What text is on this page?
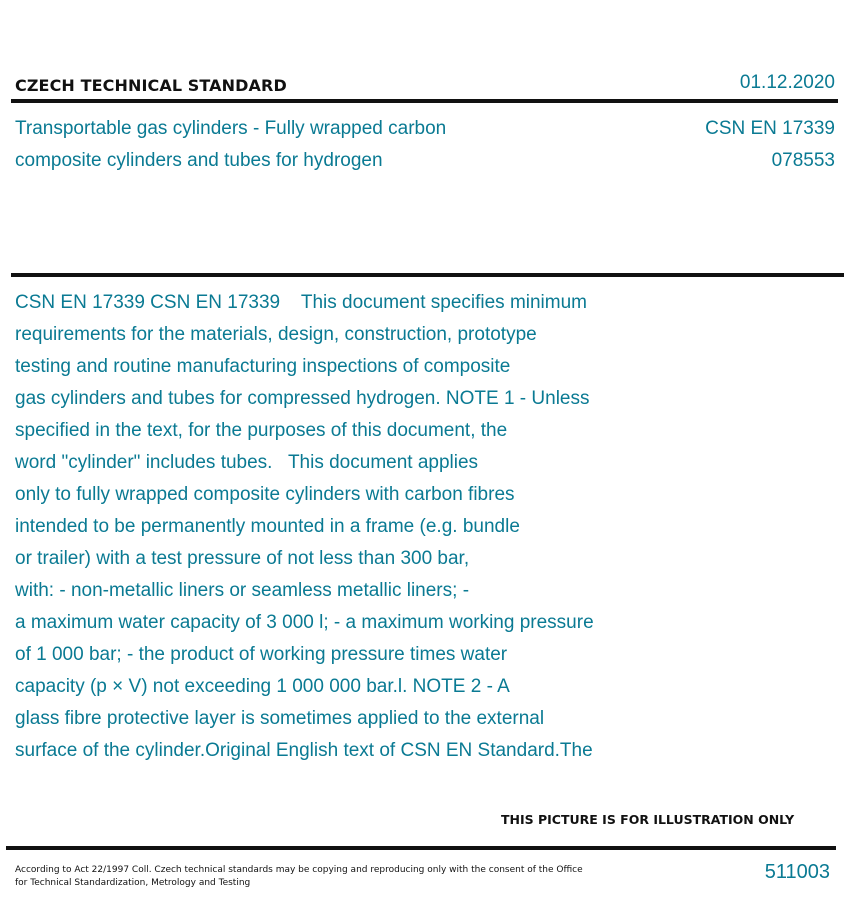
CZECH TECHNICAL STANDARD	01.12.2020
Transportable gas cylinders - Fully wrapped carbon
composite cylinders and tubes for hydrogen
CSN EN 17339
078553
CSN EN 17339 CSN EN 17339    This document specifies minimum
requirements for the materials, design, construction, prototype
testing and routine manufacturing inspections of composite
gas cylinders and tubes for compressed hydrogen. NOTE 1 - Unless
specified in the text, for the purposes of this document, the
word "cylinder" includes tubes.   This document applies
only to fully wrapped composite cylinders with carbon fibres
intended to be permanently mounted in a frame (e.g. bundle
or trailer) with a test pressure of not less than 300 bar,
with: - non-metallic liners or seamless metallic liners; -
a maximum water capacity of 3 000 l; - a maximum working pressure
of 1 000 bar; - the product of working pressure times water
capacity (p × V) not exceeding 1 000 000 bar.l. NOTE 2 - A
glass fibre protective layer is sometimes applied to the external
surface of the cylinder.Original English text of CSN EN Standard.The
THIS PICTURE IS FOR ILLUSTRATION ONLY
According to Act 22/1997 Coll. Czech technical standards may be copying and reproducing only with the consent of the Office
for Technical Standardization, Metrology and Testing	511003
